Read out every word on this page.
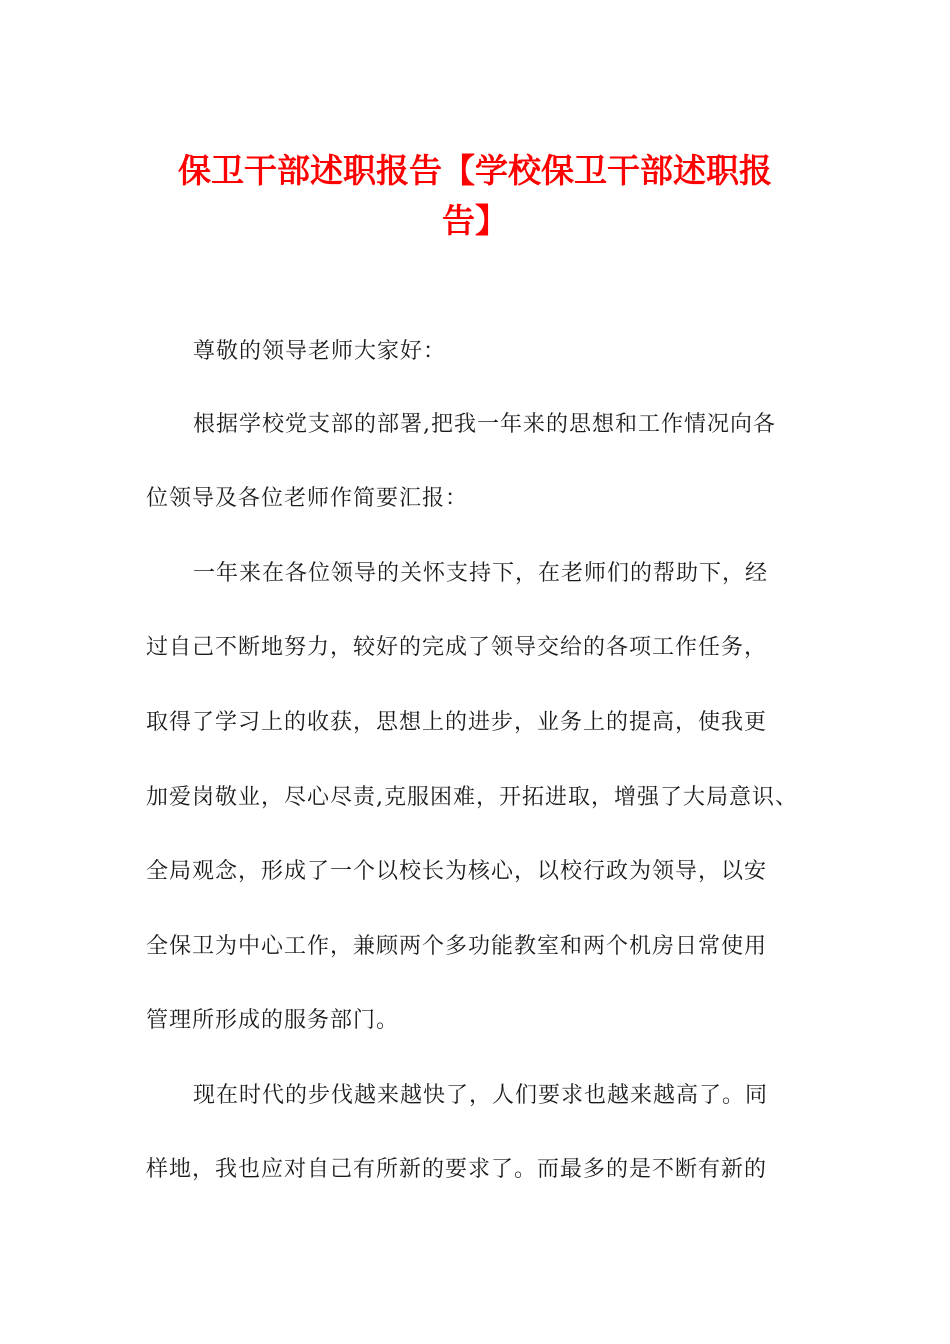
保卫干部述职报告【学校保卫干部述职报
告】

尊敬的领导老师大家好：

根据学校党支部的部署,把我一年来的思想和工作情况向各

位领导及各位老师作简要汇报：

一年来在各位领导的关怀支持下，在老师们的帮助下，经

过自己不断地努力，较好的完成了领导交给的各项工作任务，

取得了学习上的收获，思想上的进步，业务上的提高，使我更

加爱岗敬业，尽心尽责,克服困难，开拓进取，增强了大局意识、

全局观念，形成了一个以校长为核心，以校行政为领导，以安

全保卫为中心工作，兼顾两个多功能教室和两个机房日常使用

管理所形成的服务部门。

现在时代的步伐越来越快了，人们要求也越来越高了。同

样地，我也应对自己有所新的要求了。而最多的是不断有新的
